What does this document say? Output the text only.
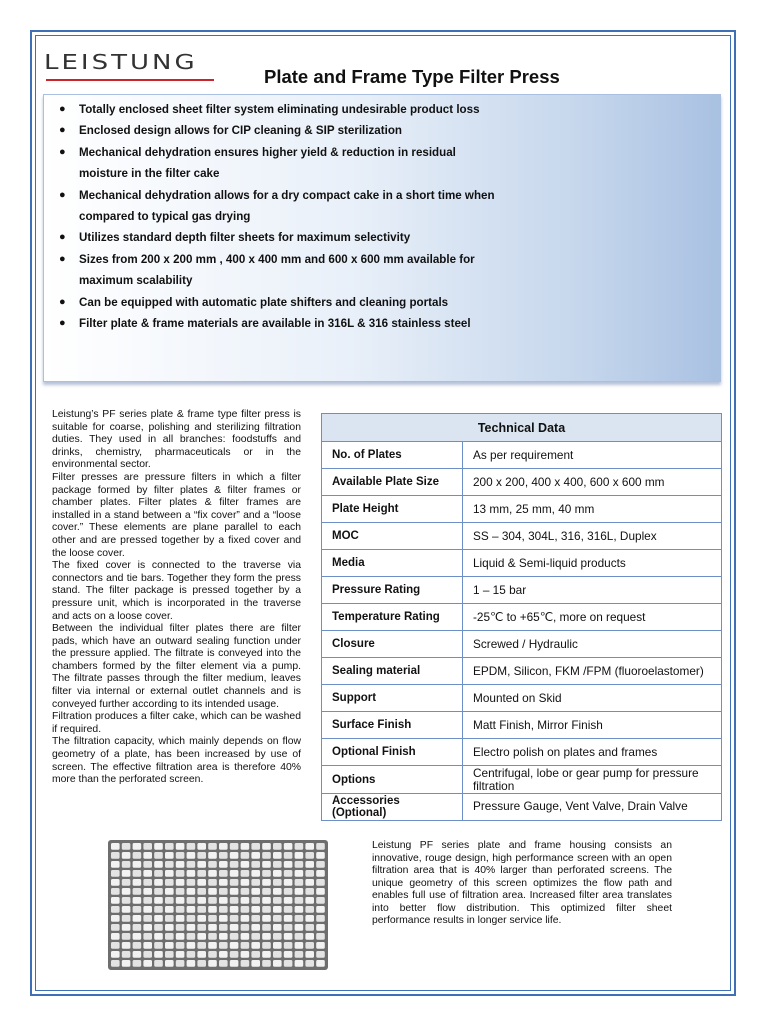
LEISTUNG
Plate and Frame Type Filter Press
● Totally enclosed sheet filter system eliminating undesirable product loss
● Enclosed design allows for CIP cleaning & SIP sterilization
● Mechanical dehydration ensures higher yield & reduction in residual moisture in the filter cake
● Mechanical dehydration allows for a dry compact cake in a short time when compared to typical gas drying
● Utilizes standard depth filter sheets for maximum selectivity
● Sizes from 200 x 200 mm , 400 x 400 mm and 600 x 600 mm available for maximum scalability
● Can be equipped with automatic plate shifters and cleaning portals
● Filter plate & frame materials are available in 316L & 316 stainless steel

Leistung’s PF series plate & frame type filter press is suitable for coarse, polishing and sterilizing filtration duties. They used in all branches: foodstuffs and drinks, chemistry, pharmaceuticals or in the environmental sector.

Filter presses are pressure filters in which a filter package formed by filter plates & filter frames or chamber plates. Filter plates & filter frames are installed in a stand between a “fix cover” and a “loose cover.” These elements are plane parallel to each other and are pressed together by a fixed cover and the loose cover.

The fixed cover is connected to the traverse via connectors and tie bars. Together they form the press stand. The filter package is pressed together by a pressure unit, which is incorporated in the traverse and acts on a loose cover.

Between the individual filter plates there are filter pads, which have an outward sealing function under the pressure applied. The filtrate is conveyed into the chambers formed by the filter element via a pump. The filtrate passes through the filter medium, leaves filter via internal or external outlet channels and is conveyed further according to its intended usage.

Filtration produces a filter cake, which can be washed if required.

The filtration capacity, which mainly depends on flow geometry of a plate, has been increased by use of screen. The effective filtration area is therefore 40% more than the perforated screen.

Technical Data	
No. of Plates	As per requirement
Available Plate Size	200 x 200, 400 x 400, 600 x 600 mm
Plate Height	13 mm, 25 mm, 40 mm
MOC	SS – 304, 304L, 316, 316L, Duplex
Media	Liquid & Semi-liquid products
Pressure Rating	1 – 15 bar
Temperature Rating	-25℃ to +65℃, more on request
Closure	Screwed / Hydraulic
Sealing material	EPDM, Silicon, FKM /FPM (fluoroelastomer)
Support	Mounted on Skid
Surface Finish	Matt Finish, Mirror Finish
Optional Finish	Electro polish on plates and frames
Options	Centrifugal, lobe or gear pump for pressure filtration
Accessories (Optional)	Pressure Gauge, Vent Valve, Drain Valve
Leistung PF series plate and frame housing consists an innovative, rouge design, high performance screen with an open filtration area that is 40% larger than perforated screens. The unique geometry of this screen optimizes the flow path and enables full use of filtration area. Increased filter area translates into better flow distribution. This optimized filter sheet performance results in longer service life.
